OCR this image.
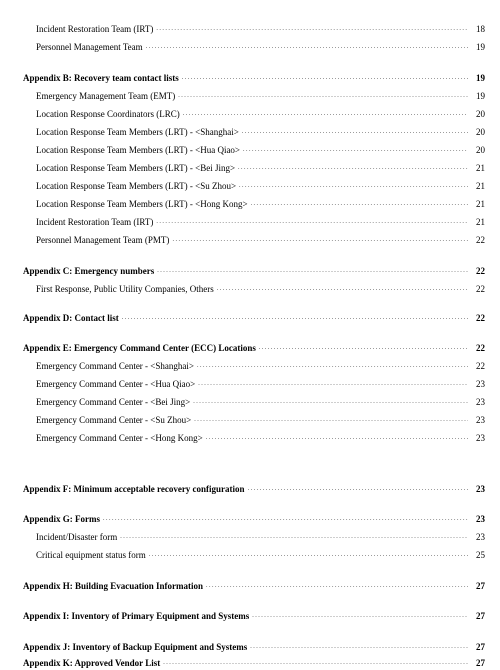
Incident Restoration Team (IRT) . . .	18
Personnel Management Team . . .	19
Appendix B: Recovery team contact lists . . .	19
Emergency Management Team (EMT) . . .	19
Location Response Coordinators (LRC) . . .	20
Location Response Team Members (LRT) - <Shanghai> . . .	20
Location Response Team Members (LRT) - <Hua Qiao> . . .	20
Location Response Team Members (LRT) - <Bei Jing> . . .	21
Location Response Team Members (LRT) - <Su Zhou> . . .	21
Location Response Team Members (LRT) - <Hong Kong> . . .	21
Incident Restoration Team (IRT) . . .	21
Personnel Management Team (PMT) . . .	22
Appendix C: Emergency numbers . . .	22
First Response, Public Utility Companies, Others . . .	22
Appendix D: Contact list . . .	22
Appendix E: Emergency Command Center (ECC) Locations . . .	22
Emergency Command Center - <Shanghai> . . .	22
Emergency Command Center - <Hua Qiao> . . .	23
Emergency Command Center - <Bei Jing> . . .	23
Emergency Command Center - <Su Zhou> . . .	23
Emergency Command Center - <Hong Kong> . . .	23
Appendix F: Minimum acceptable recovery configuration . . .	23
Appendix G: Forms . . .	23
Incident/Disaster form . . .	23
Critical equipment status form . . .	25
Appendix H: Building Evacuation Information . . .	27
Appendix I: Inventory of Primary Equipment and Systems . . .	27
Appendix J: Inventory of Backup Equipment and Systems . . .	27
Appendix K: Approved Vendor List . . .	27
